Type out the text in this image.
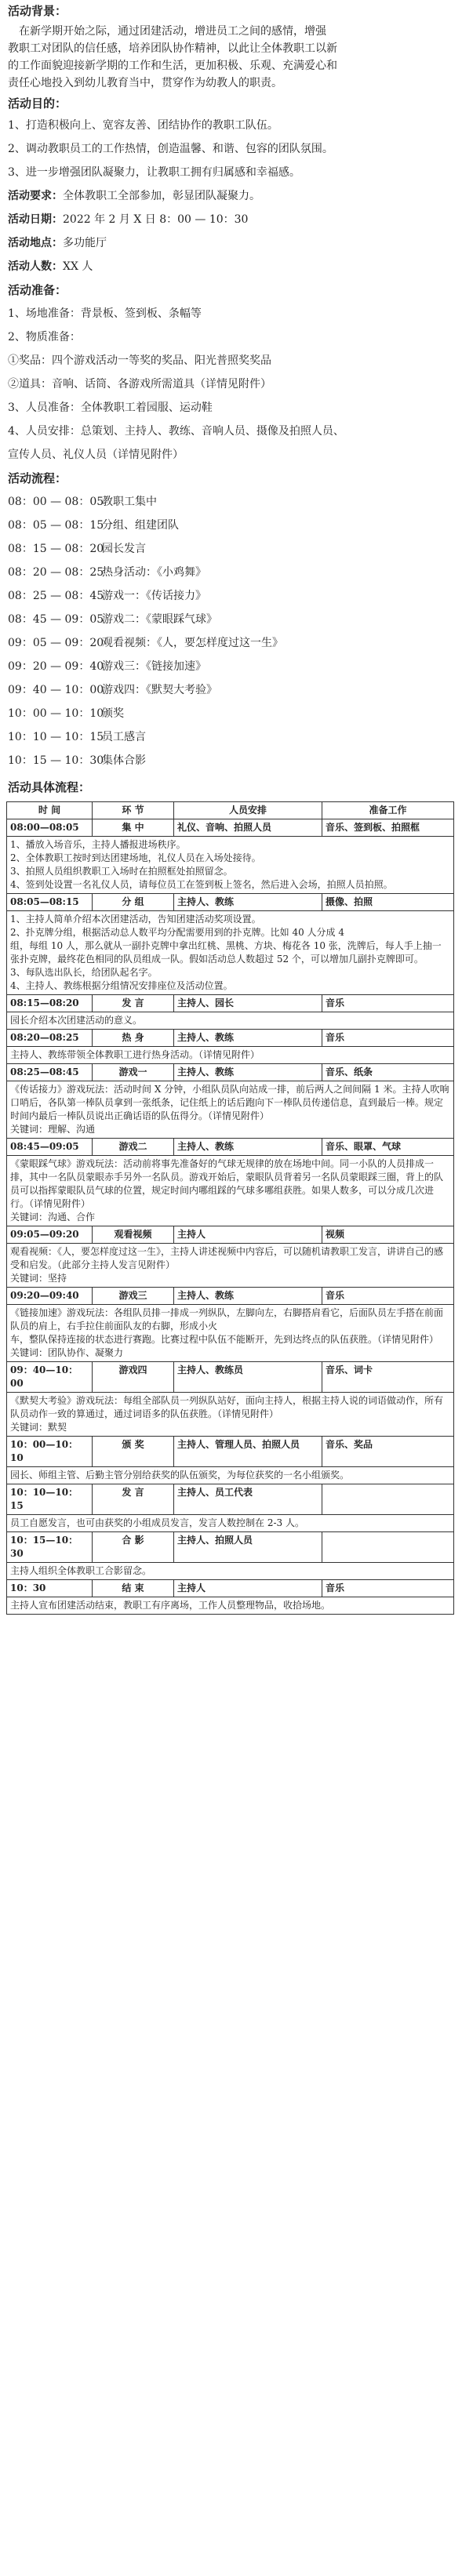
活动背景：
在新学期开始之际，通过团建活动，增进员工之间的感情，增强
教职工对团队的信任感，培养团队协作精神，以此让全体教职工以新
的工作面貌迎接新学期的工作和生活，更加积极、乐观、充满爱心和
责任心地投入到幼儿教育当中，贯穿作为幼教人的职责。
活动目的：
1、打造积极向上、宽容友善、团结协作的教职工队伍。
2、调动教职员工的工作热情，创造温馨、和谐、包容的团队氛围。
3、进一步增强团队凝聚力，让教职工拥有归属感和幸福感。
活动要求：全体教职工全部参加，彰显团队凝聚力。
活动日期：2022 年 2 月 X 日 8：00 — 10：30
活动地点：多功能厅
活动人数：XX 人
活动准备：
1、场地准备：背景板、签到板、条幅等
2、物质准备：
①奖品：四个游戏活动一等奖的奖品、阳光普照奖奖品
②道具：音响、话筒、各游戏所需道具（详情见附件）
3、人员准备：全体教职工着园服、运动鞋
4、人员安排：总策划、主持人、教练、音响人员、摄像及拍照人员、
宣传人员、礼仪人员（详情见附件）
活动流程：
08：00 — 08：05
教职工集中
08：05 — 08：15
分组、组建团队
08：15 — 08：20
园长发言
08：20 — 08：25
热身活动：《小鸡舞》
08：25 — 08：45
游戏一：《传话接力》
08：45 — 09：05
游戏二：《蒙眼踩气球》
09：05 — 09：20
观看视频：《人，要怎样度过这一生》
09：20 — 09：40
游戏三：《链接加速》
09：40 — 10：00
游戏四：《默契大考验》
10：00 — 10：10
颁奖
10：10 — 10：15
员工感言
10：15 — 10：30
集体合影
活动具体流程：
时 间	环 节	人员安排	准备工作
08:00—08:05	集 中	礼仪、音响、拍照人员	音乐、签到板、拍照框

1、播放入场音乐，主持人播报进场秩序。
2、全体教职工按时到达团建场地，礼仪人员在入场处接待。
3、拍照人员组织教职工入场时在拍照框处拍照留念。
4、签到处设置一名礼仪人员，请每位员工在签到板上签名，然后进入会场，拍照人员拍照。			

08:05—08:15	分 组	主持人、教练	摄像、拍照

1、主持人简单介绍本次团建活动，告知团建活动奖项设置。
2、扑克牌分组，根据活动总人数平均分配需要用到的扑克牌。比如 40 人分成 4
组，每组 10 人，那么就从一副扑克牌中拿出红桃、黑桃、方块、梅花各 10 张，洗牌后，每人手上抽一张扑克牌，最终花色相同的队员组成一队。假如活动总人数超过 52 个，可以增加几副扑克牌即可。
3、每队选出队长，给团队起名字。
4、主持人、教练根据分组情况安排座位及活动位置。			

08:15—08:20	发 言	主持人、园长	音乐

园长介绍本次团建活动的意义。			

08:20—08:25	热 身	主持人、教练	音乐

主持人、教练带领全体教职工进行热身活动。（详情见附件）			

08:25—08:45	游戏一	主持人、教练	音乐、纸条

《传话接力》游戏玩法：活动时间 X 分钟，小组队员队向站成一排，前后两人之间间隔 1 米。主持人吹响口哨后，各队第一棒队员拿到一张纸条，记住纸上的话后跑向下一棒队员传递信息，直到最后一棒。规定时间内最后一棒队员说出正确话语的队伍得分。（详情见附件）
关键词：理解、沟通			

08:45—09:05	游戏二	主持人、教练	音乐、眼罩、气球

《蒙眼踩气球》游戏玩法：活动前将事先准备好的气球无规律的放在场地中间。同一小队的人员排成一排，其中一名队员蒙眼赤手另外一名队员。游戏开始后，蒙眼队员背着另一名队员蒙眼踩三圈，背上的队员可以指挥蒙眼队员气球的位置，规定时间内哪组踩的气球多哪组获胜。如果人数多，可以分成几次进行。（详情见附件）
关键词：沟通、合作			

09:05—09:20	观看视频	主持人	视频

观看视频：《人，要怎样度过这一生》，主持人讲述视频中内容后，可以随机请教职工发言，讲讲自己的感受和启发。（此部分主持人发言见附件）
关键词：坚持			

09:20—09:40	游戏三	主持人、教练	音乐

《链接加速》游戏玩法：各组队员排一排成一列纵队，左脚向左，右脚搭肩看它，后面队员左手搭在前面队员的肩上，右手拉住前面队友的右脚，形成小火
车，整队保持连接的状态进行赛跑。比赛过程中队伍不能断开，先到达终点的队伍获胜。（详情见附件）
关键词：团队协作、凝聚力			

09：40—10：00	游戏四	主持人、教练员	音乐、词卡

《默契大考验》游戏玩法：每组全部队员一列纵队站好，面向主持人，根据主持人说的词语做动作，所有队员动作一致的算通过，通过词语多的队伍获胜。（详情见附件）
关键词：默契			

10：00—10：10	颁 奖	主持人、管理人员、拍照人员	音乐、奖品

园长、师组主管、后勤主管分别给获奖的队伍颁奖，为每位获奖的一名小组颁奖。			

10：10—10：15	发 言	主持人、员工代表	

员工自愿发言，也可由获奖的小组成员发言，发言人数控制在 2-3 人。			

10：15—10：30	合 影	主持人、拍照人员	

主持人组织全体教职工合影留念。			

10：30	结 束	主持人	音乐

主持人宣布团建活动结束，教职工有序离场，工作人员整理物品，收拾场地。			
